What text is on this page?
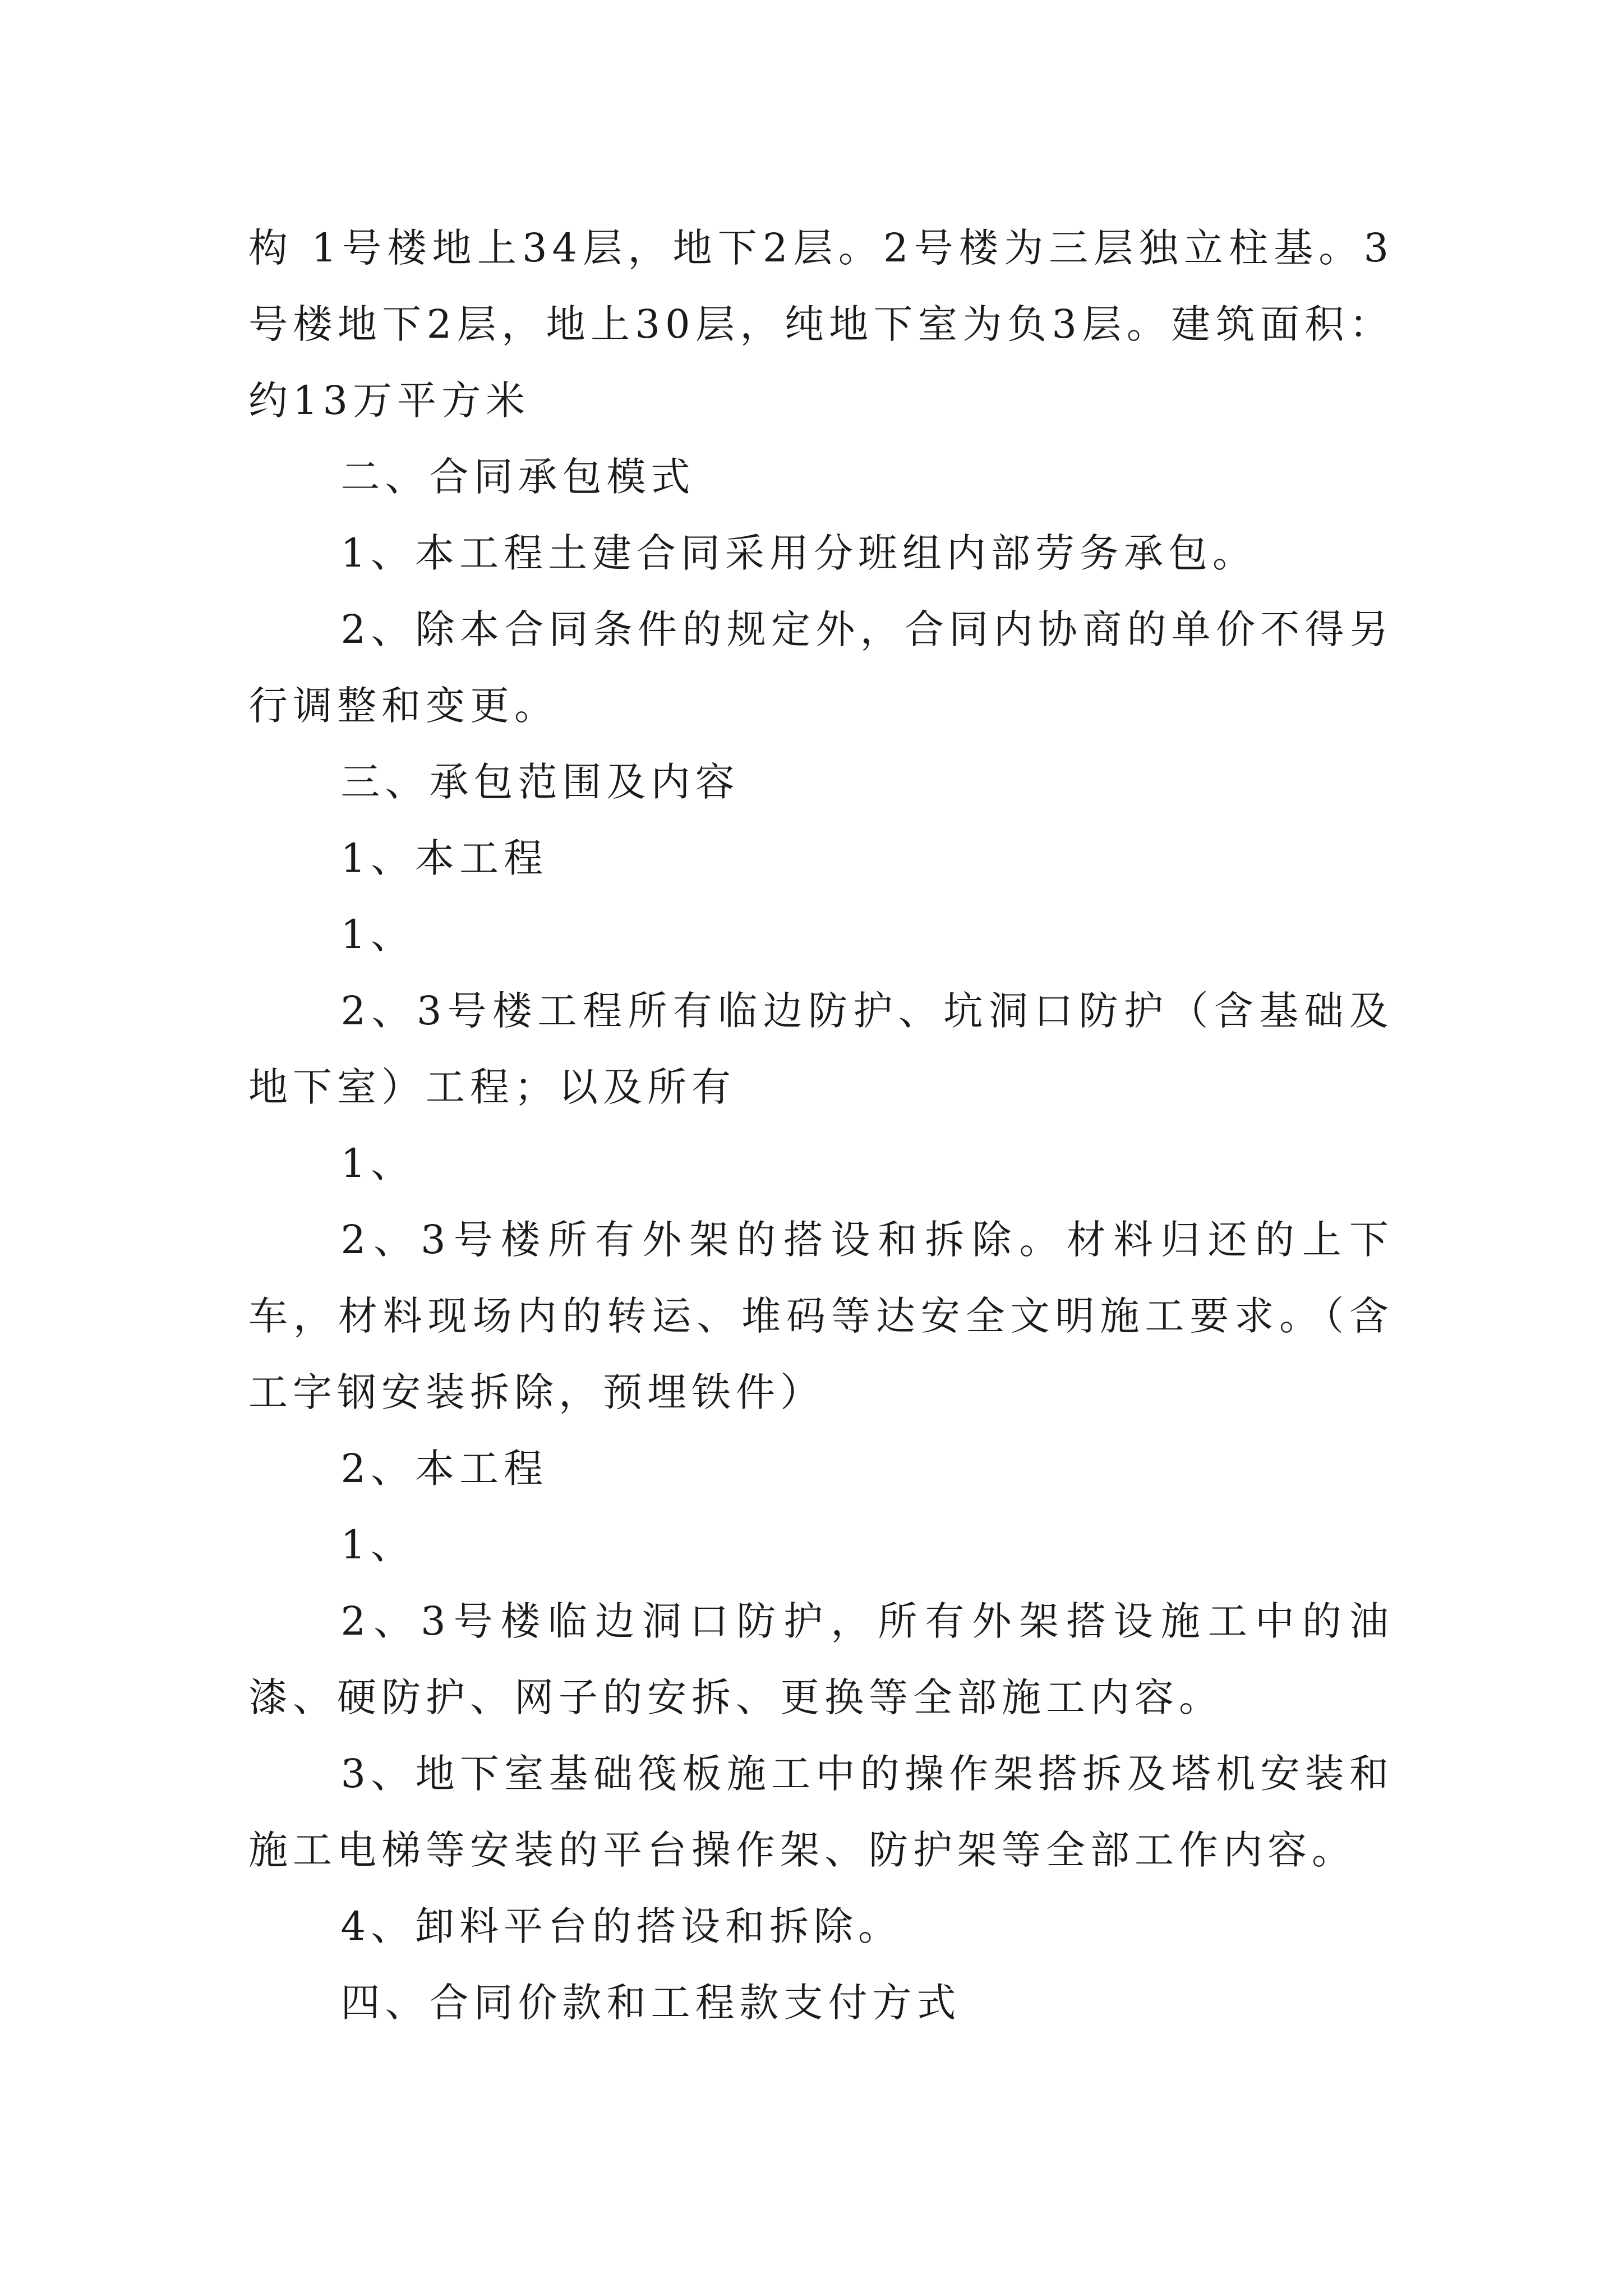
构 1号楼地上34层，地下2层。2号楼为三层独立柱基。3号楼地下2层，地上30层，纯地下室为负3层。建筑面积：约13万平方米

二、合同承包模式

1、本工程土建合同采用分班组内部劳务承包。

2、除本合同条件的规定外，合同内协商的单价不得另行调整和变更。

三、承包范围及内容

1、本工程

1、

2、3号楼工程所有临边防护、坑洞口防护（含基础及地下室）工程；以及所有

1、

2、3号楼所有外架的搭设和拆除。材料归还的上下车，材料现场内的转运、堆码等达安全文明施工要求。（含工字钢安装拆除，预埋铁件）

2、本工程

1、

2、3号楼临边洞口防护，所有外架搭设施工中的油漆、硬防护、网子的安拆、更换等全部施工内容。

3、地下室基础筏板施工中的操作架搭拆及塔机安装和施工电梯等安装的平台操作架、防护架等全部工作内容。

4、卸料平台的搭设和拆除。

四、合同价款和工程款支付方式
